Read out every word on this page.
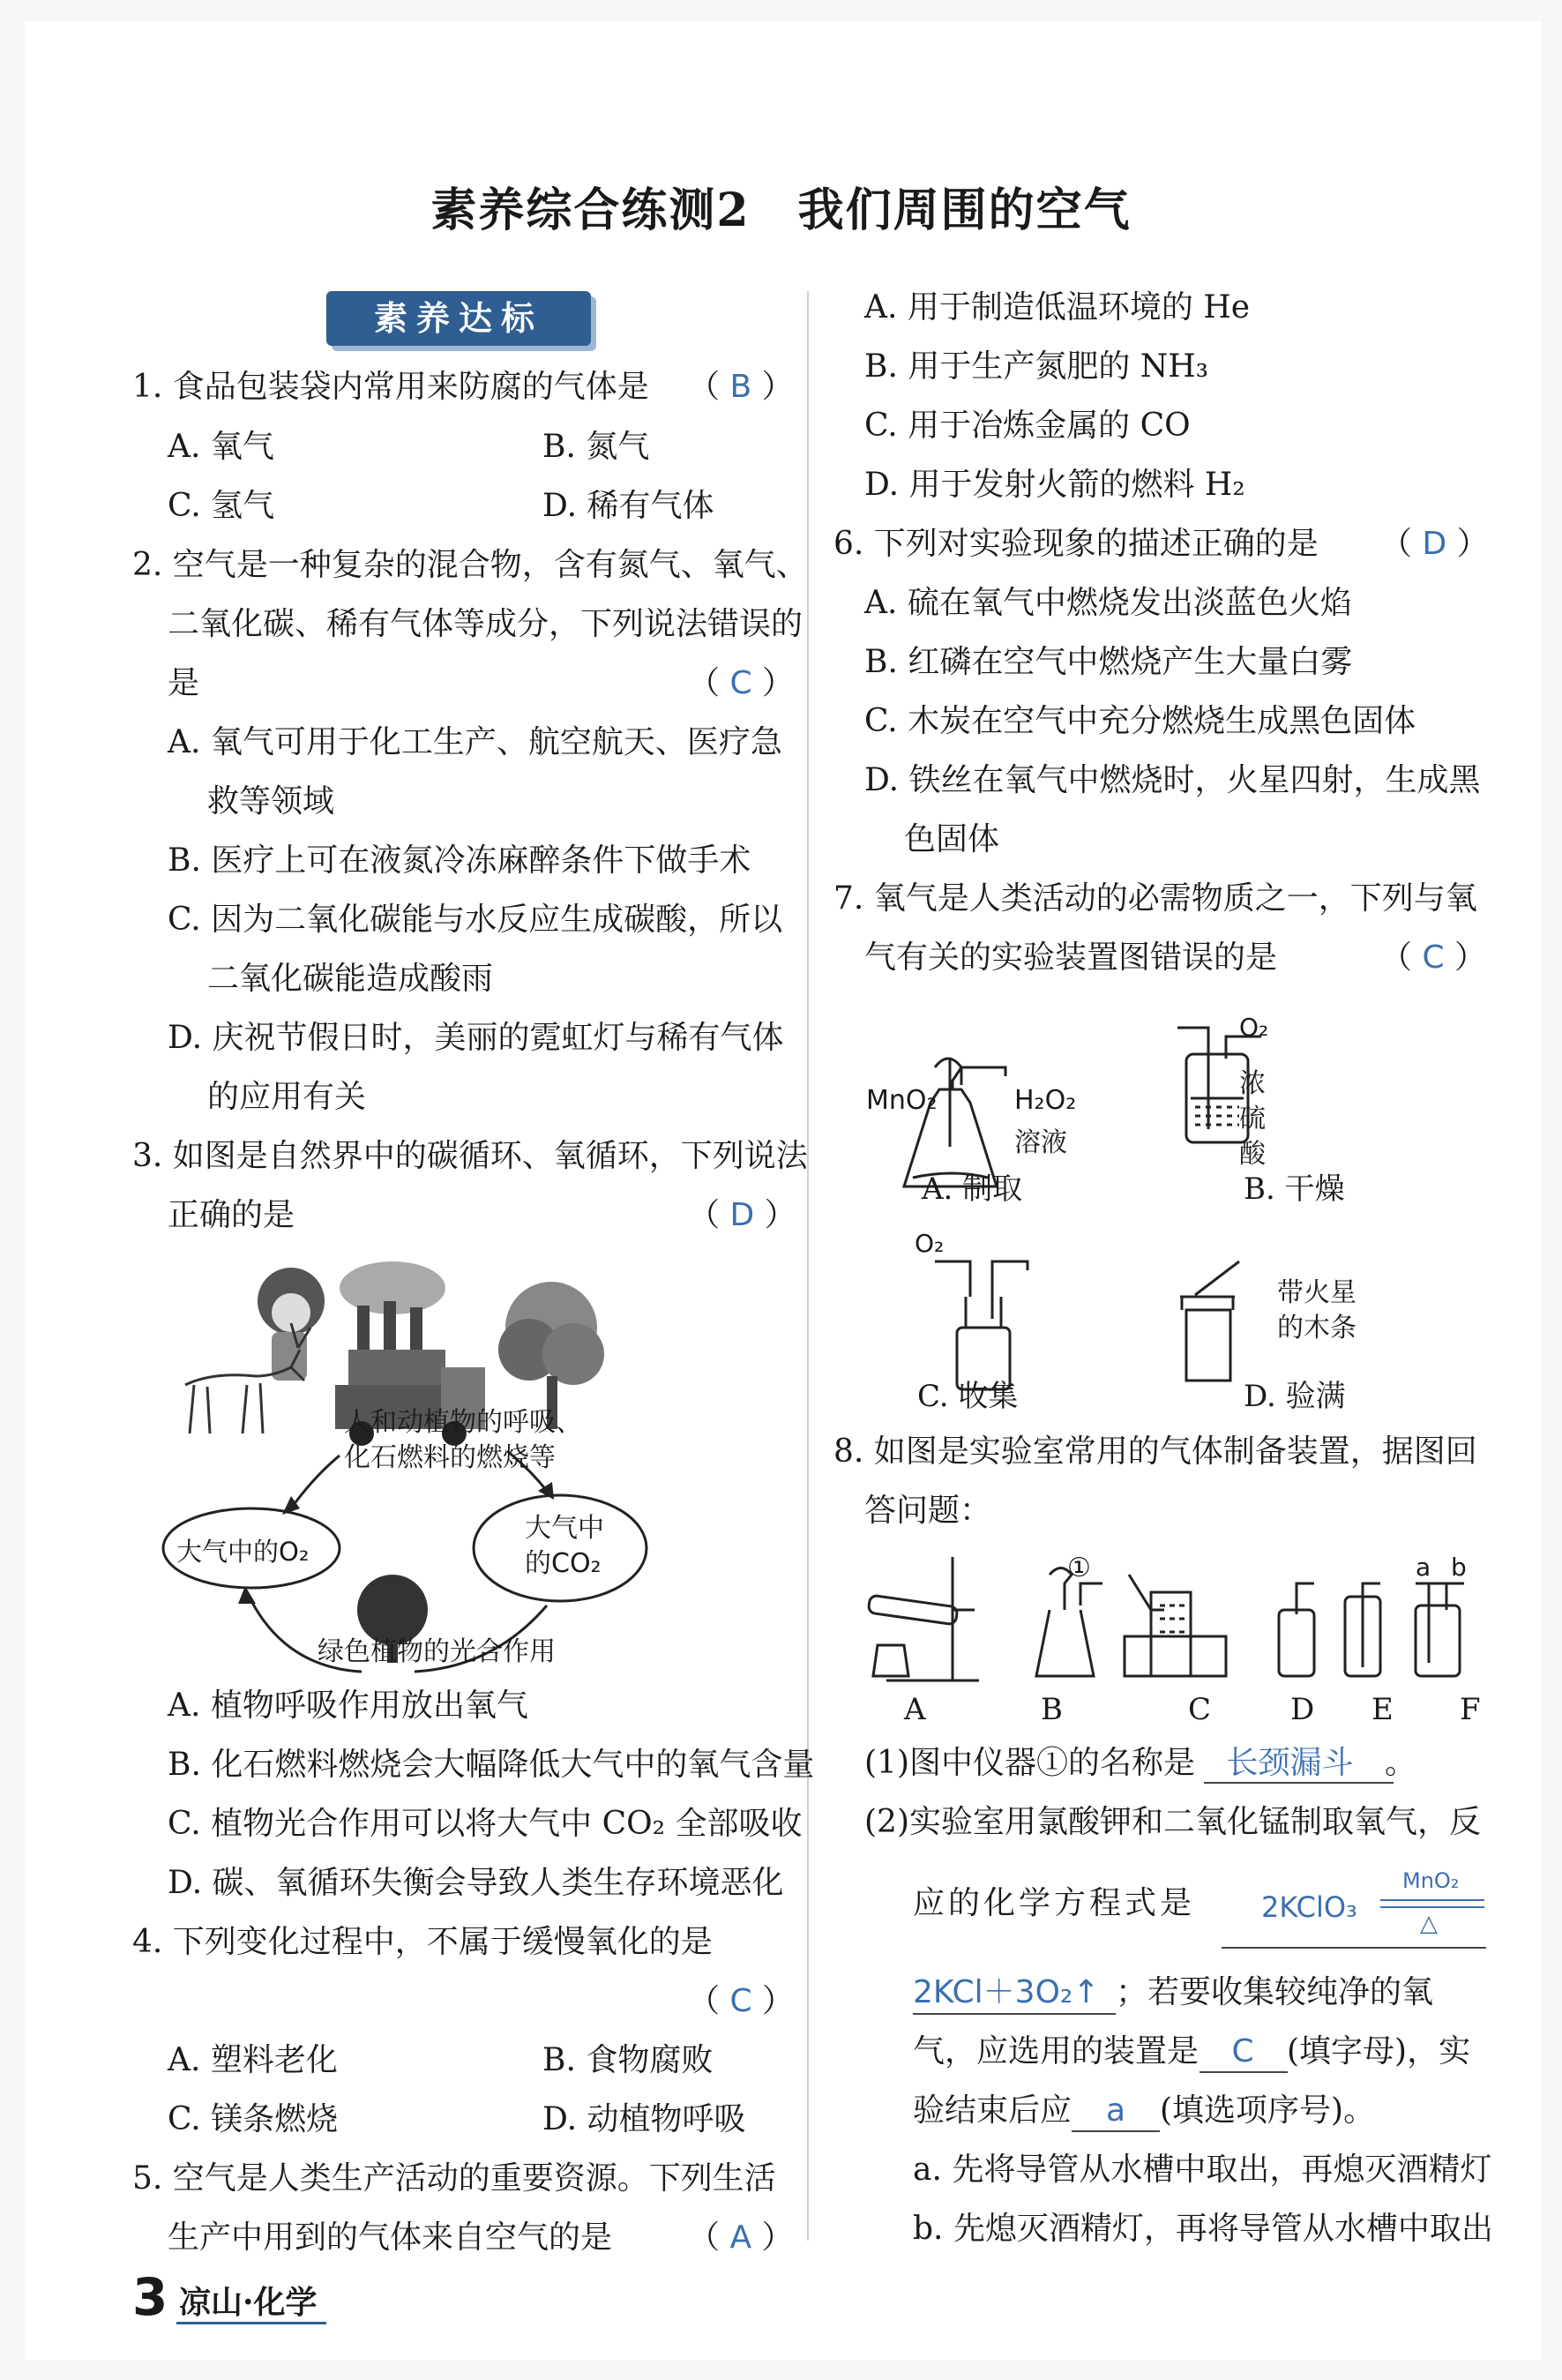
素养综合练测2　我们周围的空气
素养达标
1. 食品包装袋内常用来防腐的气体是 （ B ）
A. 氧气	B. 氮气
C. 氢气	D. 稀有气体
2. 空气是一种复杂的混合物，含有氮气、氧气、
二氧化碳、稀有气体等成分，下列说法错误的
是	（ C ）
A. 氧气可用于化工生产、航空航天、医疗急
救等领域
B. 医疗上可在液氮冷冻麻醉条件下做手术
C. 因为二氧化碳能与水反应生成碳酸，所以
二氧化碳能造成酸雨
D. 庆祝节假日时，美丽的霓虹灯与稀有气体
的应用有关
3. 如图是自然界中的碳循环、氧循环，下列说法
正确的是	（ D ）
人和动植物的呼吸、
化石燃料的燃烧等
大气中的O₂
大气中
的CO₂
绿色植物的光合作用
A. 植物呼吸作用放出氧气
B. 化石燃料燃烧会大幅降低大气中的氧气含量
C. 植物光合作用可以将大气中 CO₂ 全部吸收
D. 碳、氧循环失衡会导致人类生存环境恶化
4. 下列变化过程中，不属于缓慢氧化的是
（ C ）
A. 塑料老化	B. 食物腐败
C. 镁条燃烧	D. 动植物呼吸
5. 空气是人类生产活动的重要资源。下列生活
生产中用到的气体来自空气的是 （ A ）
A. 用于制造低温环境的 He
B. 用于生产氮肥的 NH₃
C. 用于冶炼金属的 CO
D. 用于发射火箭的燃料 H₂
6. 下列对实验现象的描述正确的是 （ D ）
A. 硫在氧气中燃烧发出淡蓝色火焰
B. 红磷在空气中燃烧产生大量白雾
C. 木炭在空气中充分燃烧生成黑色固体
D. 铁丝在氧气中燃烧时，火星四射，生成黑
色固体
7. 氧气是人类活动的必需物质之一，下列与氧
气有关的实验装置图错误的是	（ C ）
MnO₂	H₂O₂
溶液
O₂
浓
硫
酸
O₂
带火星
的木条
A. 制取	B. 干燥
C. 收集	D. 验满
8. 如图是实验室常用的气体制备装置，据图回
答问题：
①	a b
A	B	C	D E F
(1)图中仪器①的名称是 长颈漏斗 。
(2)实验室用氯酸钾和二氧化锰制取氧气，反
应的化学方程式是 2KClO₃
MnO₂
△
2KCl＋3O₂↑ ；若要收集较纯净的氧
气，应选用的装置是 C (填字母)，实
验结束后应 a (填选项序号)。
a. 先将导管从水槽中取出，再熄灭酒精灯
b. 先熄灭酒精灯，再将导管从水槽中取出
3 凉山·化学
